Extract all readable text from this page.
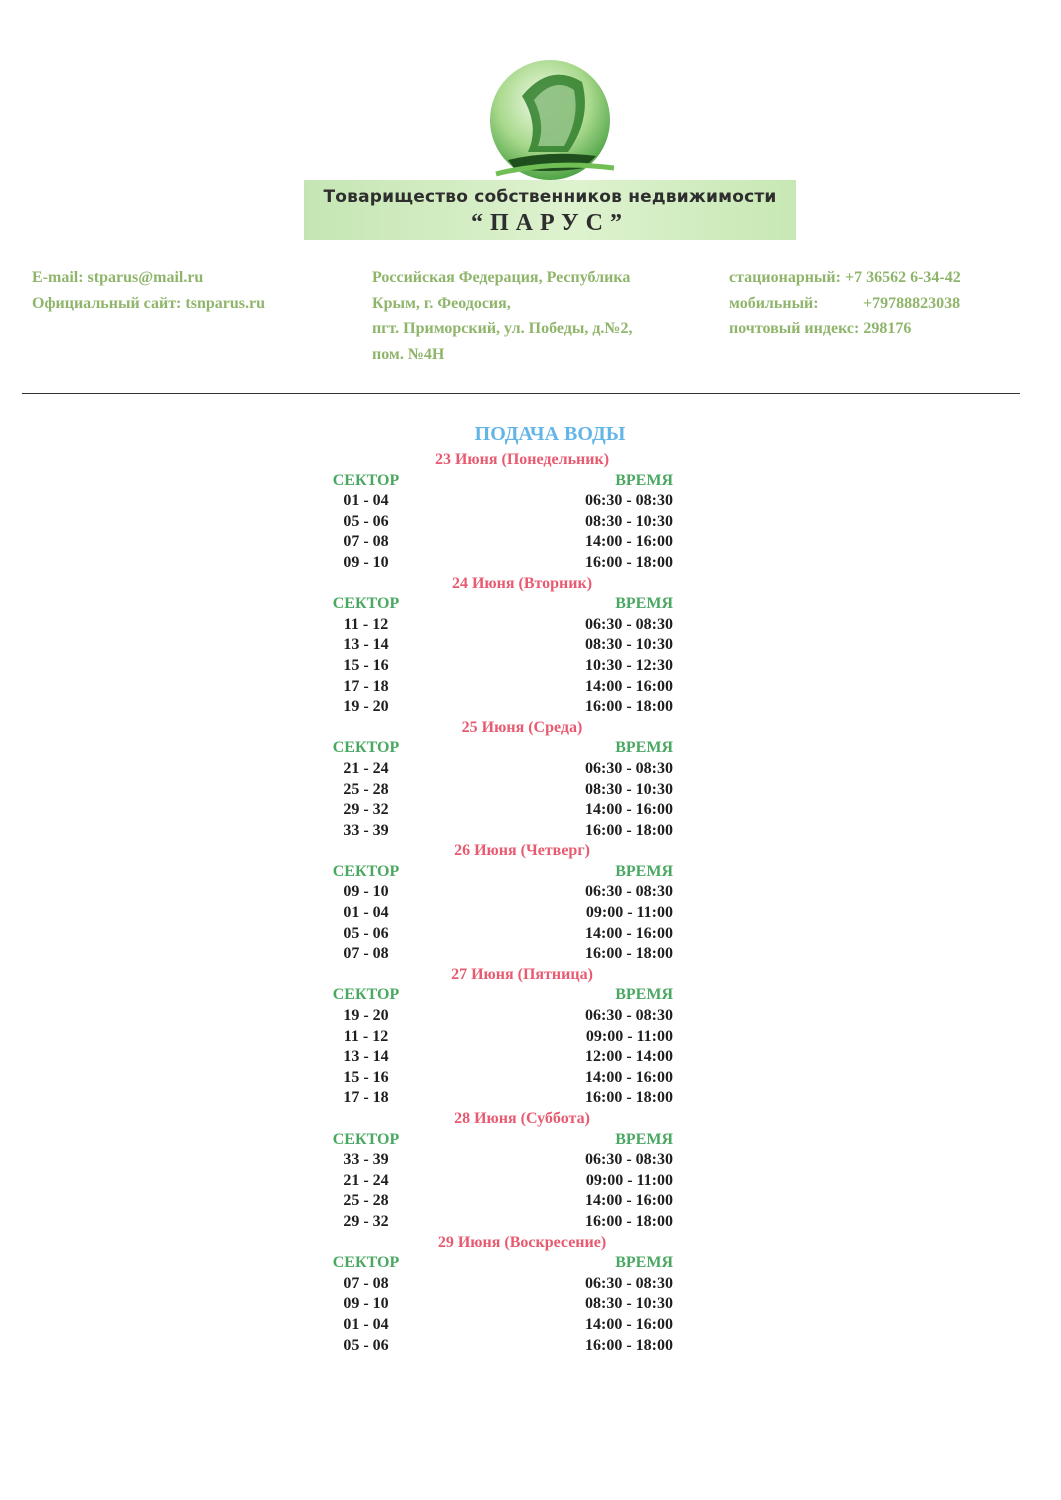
Товарищество собственников недвижимости
“ПАРУС”
E-mail: stparus@mail.ru
Официальный сайт: tsnparus.ru
Российская Федерация, Республика
Крым, г. Феодосия,
пгт. Приморский, ул. Победы, д.№2,
пом. №4Н
стационарный: +7 36562 6-34-42
мобильный:	+79788823038
почтовый индекс: 298176
ПОДАЧА ВОДЫ
23 Июня (Понедельник)
СЕКТОР	ВРЕМЯ
01 - 04	06:30 - 08:30
05 - 06	08:30 - 10:30
07 - 08	14:00 - 16:00
09 - 10	16:00 - 18:00
24 Июня (Вторник)
СЕКТОР	ВРЕМЯ
11 - 12	06:30 - 08:30
13 - 14	08:30 - 10:30
15 - 16	10:30 - 12:30
17 - 18	14:00 - 16:00
19 - 20	16:00 - 18:00
25 Июня (Среда)
СЕКТОР	ВРЕМЯ
21 - 24	06:30 - 08:30
25 - 28	08:30 - 10:30
29 - 32	14:00 - 16:00
33 - 39	16:00 - 18:00
26 Июня (Четверг)
СЕКТОР	ВРЕМЯ
09 - 10	06:30 - 08:30
01 - 04	09:00 - 11:00
05 - 06	14:00 - 16:00
07 - 08	16:00 - 18:00
27 Июня (Пятница)
СЕКТОР	ВРЕМЯ
19 - 20	06:30 - 08:30
11 - 12	09:00 - 11:00
13 - 14	12:00 - 14:00
15 - 16	14:00 - 16:00
17 - 18	16:00 - 18:00
28 Июня (Суббота)
СЕКТОР	ВРЕМЯ
33 - 39	06:30 - 08:30
21 - 24	09:00 - 11:00
25 - 28	14:00 - 16:00
29 - 32	16:00 - 18:00
29 Июня (Воскресение)
СЕКТОР	ВРЕМЯ
07 - 08	06:30 - 08:30
09 - 10	08:30 - 10:30
01 - 04	14:00 - 16:00
05 - 06	16:00 - 18:00
